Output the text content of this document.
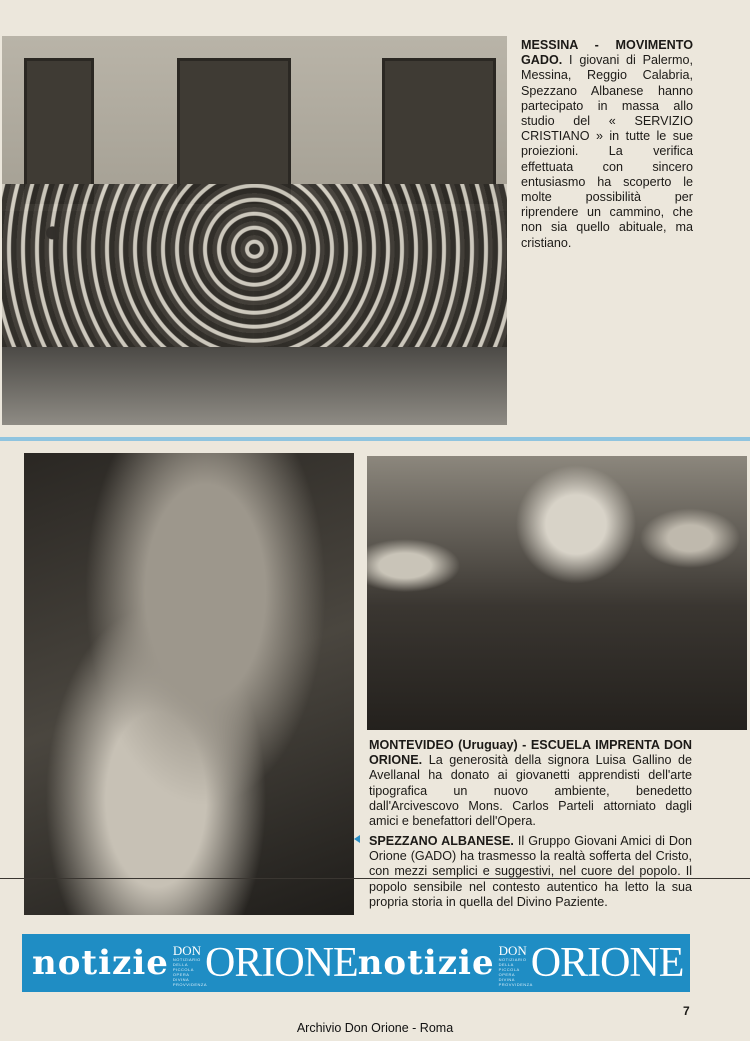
MESSINA - MOVIMENTO GADO. I giovani di Palermo, Messina, Reggio Calabria, Spezzano Albanese hanno partecipato in massa allo studio del « SERVIZIO CRISTIANO » in tutte le sue proiezioni. La verifica effettuata con sincero entusiasmo ha scoperto le molte possibilità per riprendere un cammino, che non sia quello abituale, ma cristiano.
MONTEVIDEO (Uruguay) - ESCUELA IMPRENTA DON ORIONE. La generosità della signora Luisa Gallino de Avellanal ha donato ai giovanetti apprendisti dell'arte tipografica un nuovo ambiente, benedetto dall'Arcivescovo Mons. Carlos Parteli attorniato dagli amici e benefattori dell'Opera.
SPEZZANO ALBANESE. Il Gruppo Giovani Amici di Don Orione (GADO) ha trasmesso la realtà sofferta del Cristo, con mezzi semplici e suggestivi, nel cuore del popolo. Il popolo sensibile nel contesto autentico ha letto la sua propria storia in quella del Divino Paziente.
notizie DON
NOTIZIARIO
DELLA
PICCOLA
OPERA
DIVINA
PROVVIDENZA
ORIONE notizie DON
NOTIZIARIO
DELLA
PICCOLA
OPERA
DIVINA
PROVVIDENZA
ORIONE
7
Archivio Don Orione - Roma
